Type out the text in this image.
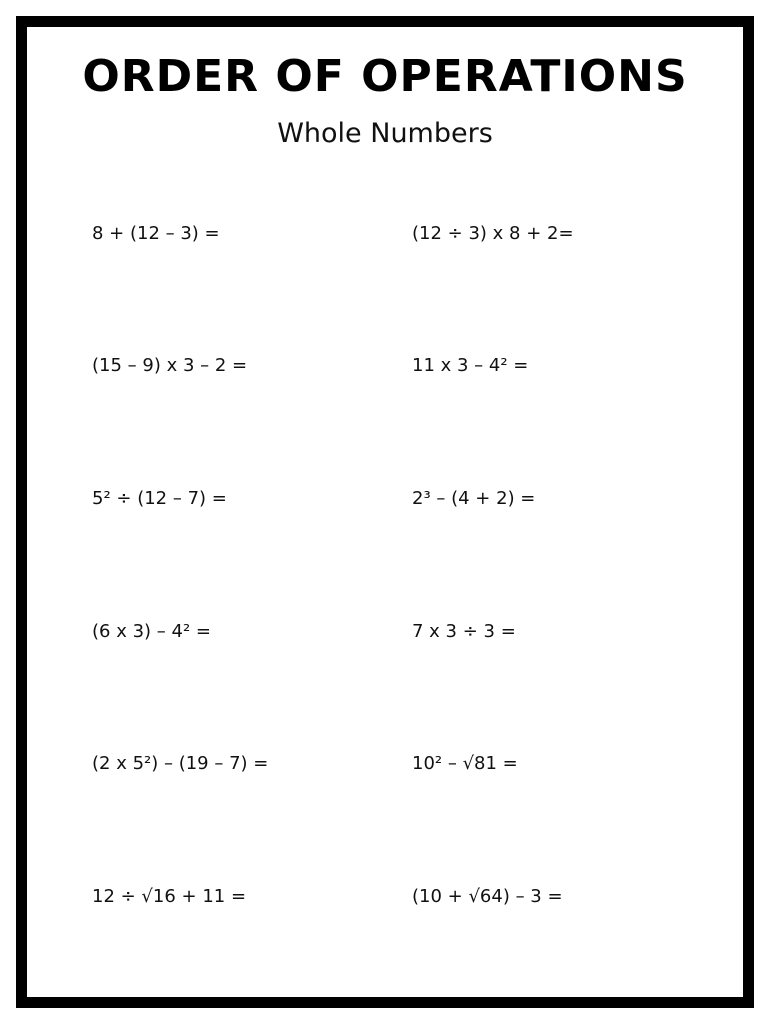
ORDER OF OPERATIONS
Whole Numbers
8 + (12 – 3) =	(12 ÷ 3) x 8 + 2=
(15 – 9) x 3 – 2 =	11 x 3 – 4² =
5² ÷ (12 – 7) =	2³ – (4 + 2) =
(6 x 3) – 4² =	7 x 3 ÷ 3 =
(2 x 5²) – (19 – 7) =	10² – √81 =
12 ÷ √16 + 11 =	(10 + √64) – 3 =
